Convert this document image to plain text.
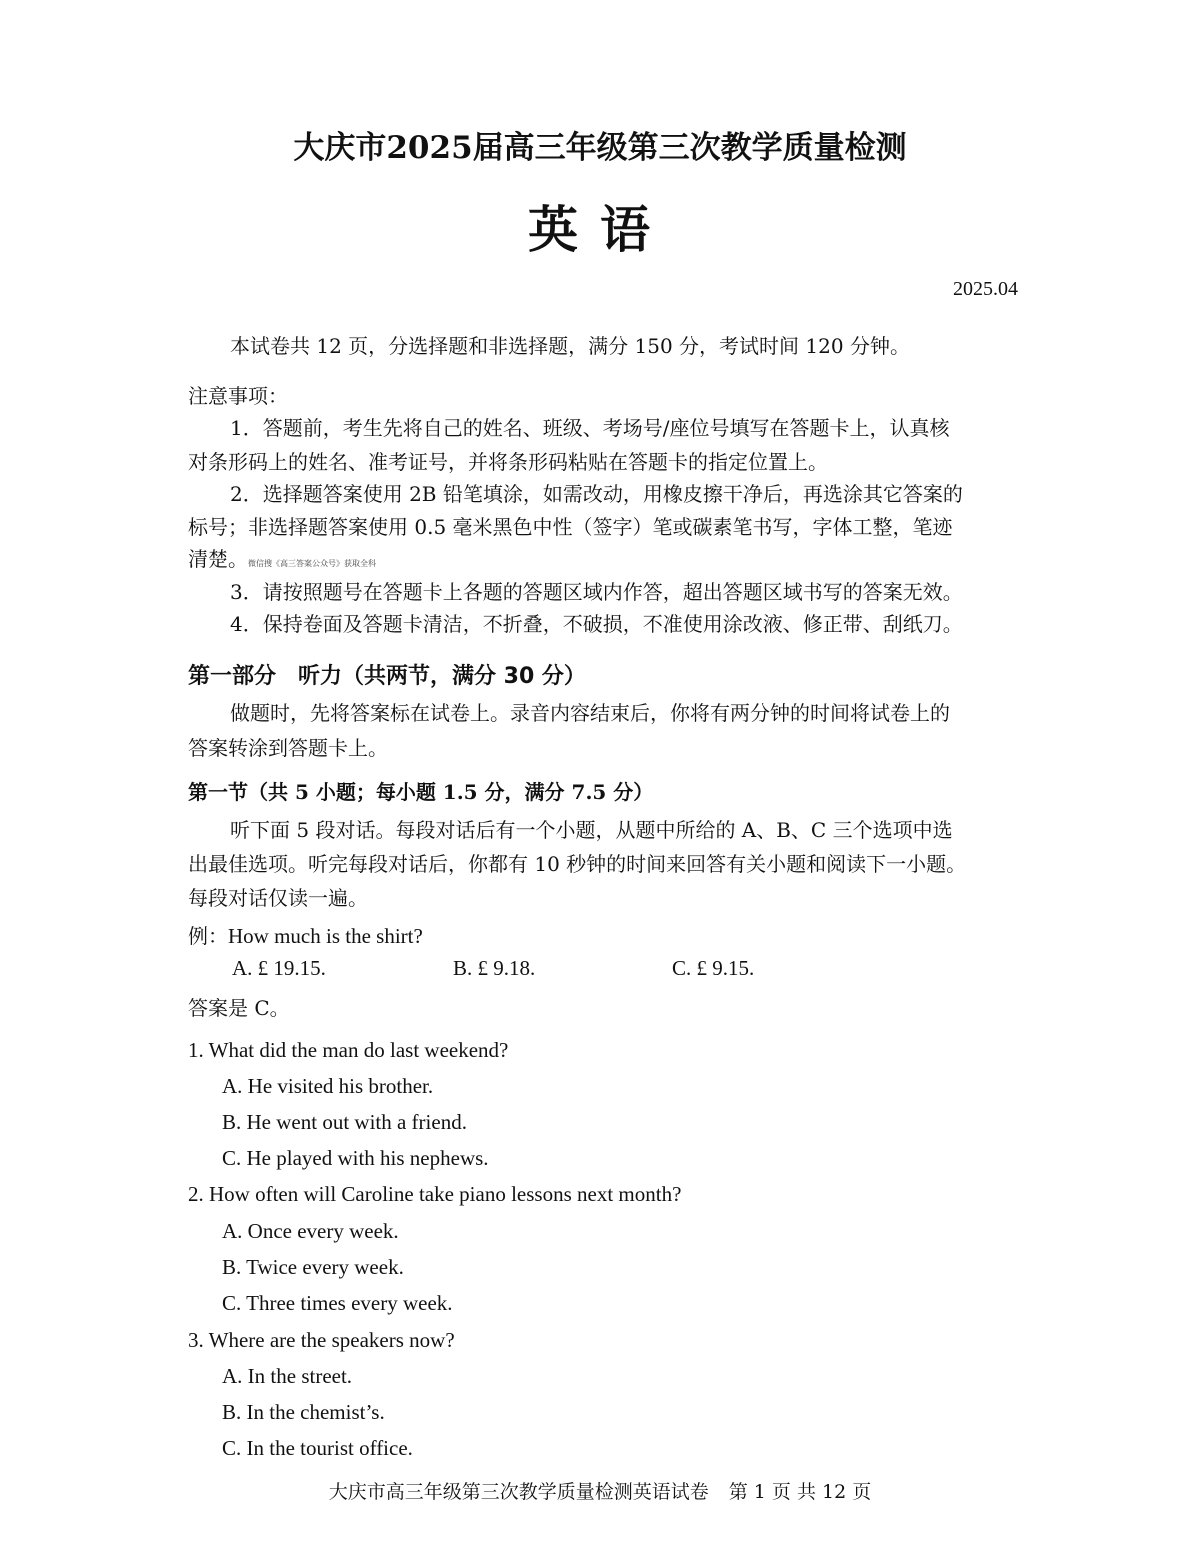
大庆市2025届高三年级第三次教学质量检测
英语
2025.04
本试卷共 12 页，分选择题和非选择题，满分 150 分，考试时间 120 分钟。
注意事项：
1．答题前，考生先将自己的姓名、班级、考场号/座位号填写在答题卡上，认真核
对条形码上的姓名、准考证号，并将条形码粘贴在答题卡的指定位置上。
2．选择题答案使用 2B 铅笔填涂，如需改动，用橡皮擦干净后，再选涂其它答案的
标号；非选择题答案使用 0.5 毫米黑色中性（签字）笔或碳素笔书写，字体工整，笔迹
清楚。微信搜《高三答案公众号》获取全科
3．请按照题号在答题卡上各题的答题区域内作答，超出答题区域书写的答案无效。
4．保持卷面及答题卡清洁，不折叠，不破损，不准使用涂改液、修正带、刮纸刀。
第一部分　听力（共两节，满分 30 分）
做题时，先将答案标在试卷上。录音内容结束后，你将有两分钟的时间将试卷上的
答案转涂到答题卡上。
第一节（共 5 小题；每小题 1.5 分，满分 7.5 分）
听下面 5 段对话。每段对话后有一个小题，从题中所给的 A、B、C 三个选项中选
出最佳选项。听完每段对话后，你都有 10 秒钟的时间来回答有关小题和阅读下一小题。
每段对话仅读一遍。
例：How much is the shirt?
A. £ 19.15.	B. £ 9.18.	C. £ 9.15.
答案是 C。
1. What did the man do last weekend?
A. He visited his brother.
B. He went out with a friend.
C. He played with his nephews.
2. How often will Caroline take piano lessons next month?
A. Once every week.
B. Twice every week.
C. Three times every week.
3. Where are the speakers now?
A. In the street.
B. In the chemist’s.
C. In the tourist office.
大庆市高三年级第三次教学质量检测英语试卷 第 1 页 共 12 页
